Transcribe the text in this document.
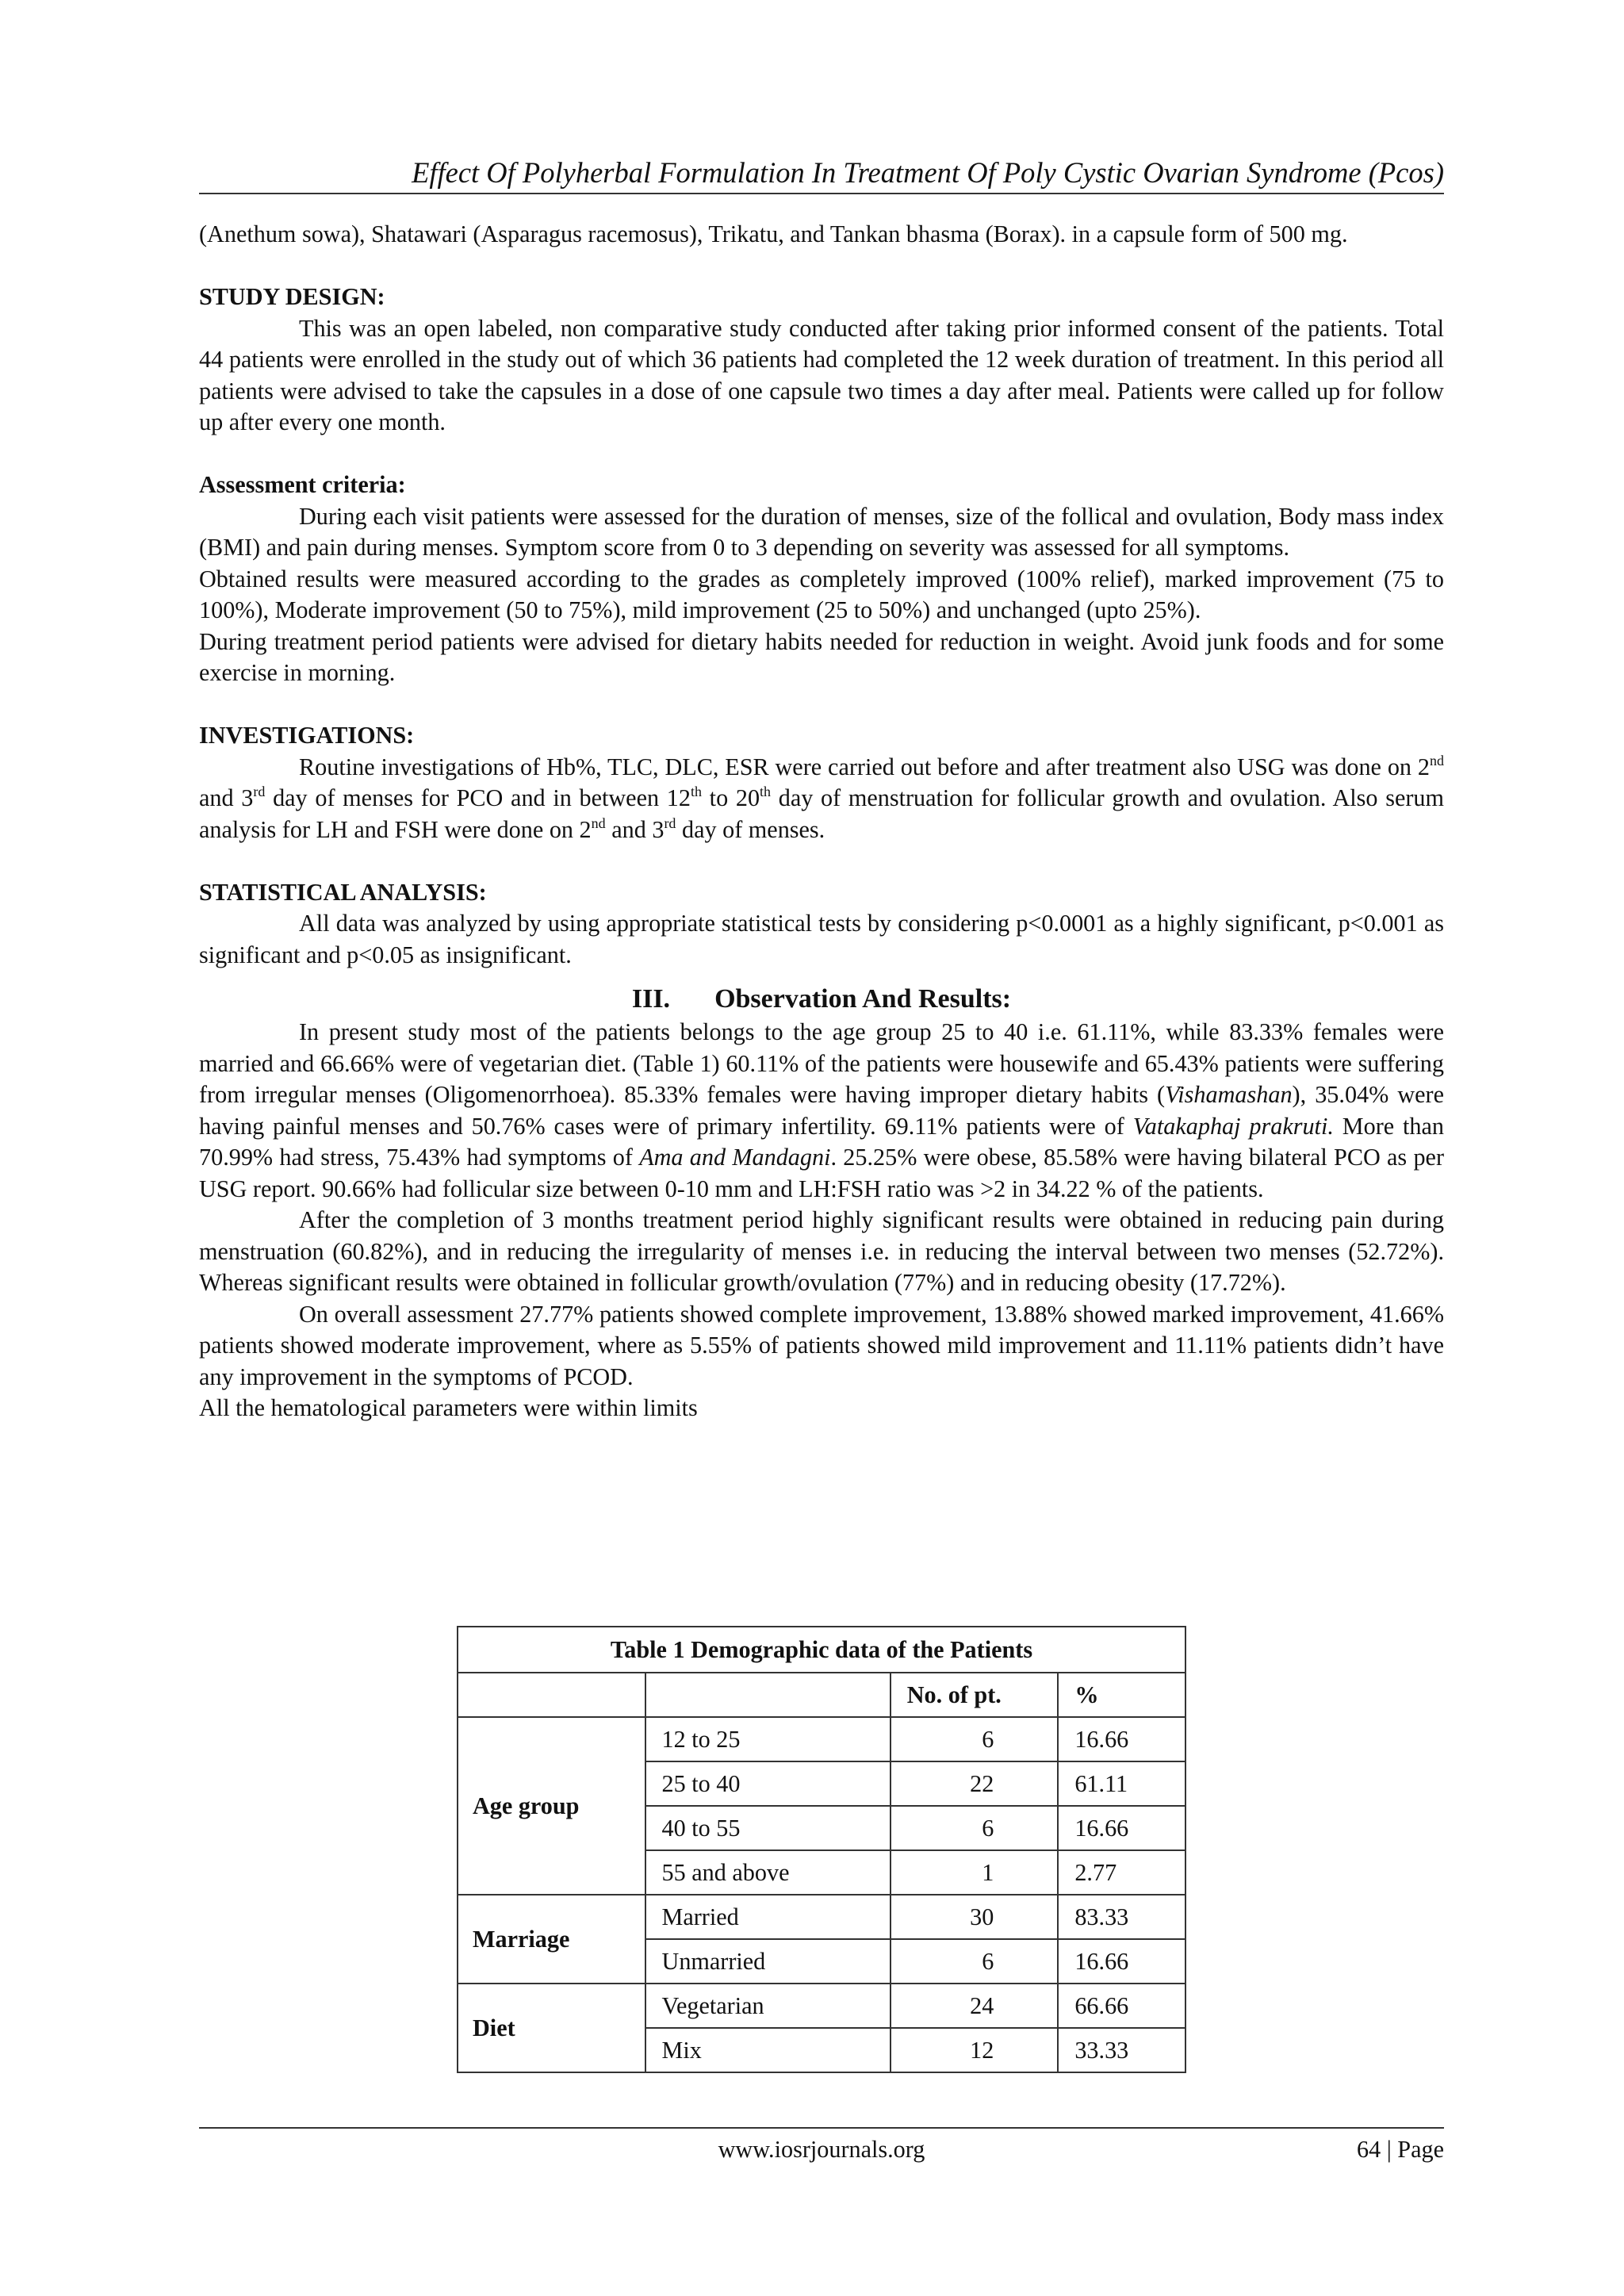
Effect Of Polyherbal Formulation In Treatment Of Poly Cystic Ovarian Syndrome (Pcos)

(Anethum sowa), Shatawari (Asparagus racemosus), Trikatu, and Tankan bhasma (Borax). in a capsule form of 500 mg.

STUDY DESIGN:

This was an open labeled, non comparative study conducted after taking prior informed consent of the patients. Total 44 patients were enrolled in the study out of which 36 patients had completed the 12 week duration of treatment. In this period all patients were advised to take the capsules in a dose of one capsule two times a day after meal. Patients were called up for follow up after every one month.

Assessment criteria:

During each visit patients were assessed for the duration of menses, size of the follical and ovulation, Body mass index (BMI) and pain during menses. Symptom score from 0 to 3 depending on severity was assessed for all symptoms.

Obtained results were measured according to the grades as completely improved (100% relief), marked improvement (75 to 100%), Moderate improvement (50 to 75%), mild improvement (25 to 50%) and unchanged (upto 25%).

During treatment period patients were advised for dietary habits needed for reduction in weight. Avoid junk foods and for some exercise in morning.

INVESTIGATIONS:

Routine investigations of Hb%, TLC, DLC, ESR were carried out before and after treatment also USG was done on 2nd and 3rd day of menses for PCO and in between 12th to 20th day of menstruation for follicular growth and ovulation. Also serum analysis for LH and FSH were done on 2nd and 3rd day of menses.

STATISTICAL ANALYSIS:

All data was analyzed by using appropriate statistical tests by considering p<0.0001 as a highly significant, p<0.001 as significant and p<0.05 as insignificant.

III. Observation And Results:

In present study most of the patients belongs to the age group 25 to 40 i.e. 61.11%, while 83.33% females were married and 66.66% were of vegetarian diet. (Table 1) 60.11% of the patients were housewife and 65.43% patients were suffering from irregular menses (Oligomenorrhoea). 85.33% females were having improper dietary habits (Vishamashan), 35.04% were having painful menses and 50.76% cases were of primary infertility. 69.11% patients were of Vatakaphaj prakruti. More than 70.99% had stress, 75.43% had symptoms of Ama and Mandagni. 25.25% were obese, 85.58% were having bilateral PCO as per USG report. 90.66% had follicular size between 0-10 mm and LH:FSH ratio was >2 in 34.22 % of the patients.

After the completion of 3 months treatment period highly significant results were obtained in reducing pain during menstruation (60.82%), and in reducing the irregularity of menses i.e. in reducing the interval between two menses (52.72%). Whereas significant results were obtained in follicular growth/ovulation (77%) and in reducing obesity (17.72%).

On overall assessment 27.77% patients showed complete improvement, 13.88% showed marked improvement, 41.66% patients showed moderate improvement, where as 5.55% of patients showed mild improvement and 11.11% patients didn’t have any improvement in the symptoms of PCOD.

All the hematological parameters were within limits

Table 1 Demographic data of the Patients			
		No. of pt.	%
Age group	12 to 25	6	16.66
	25 to 40	22	61.11
	40 to 55	6	16.66
	55 and above	1	2.77
Marriage	Married	30	83.33
	Unmarried	6	16.66
Diet	Vegetarian	24	66.66
	Mix	12	33.33
www.iosrjournals.org	64 | Page
